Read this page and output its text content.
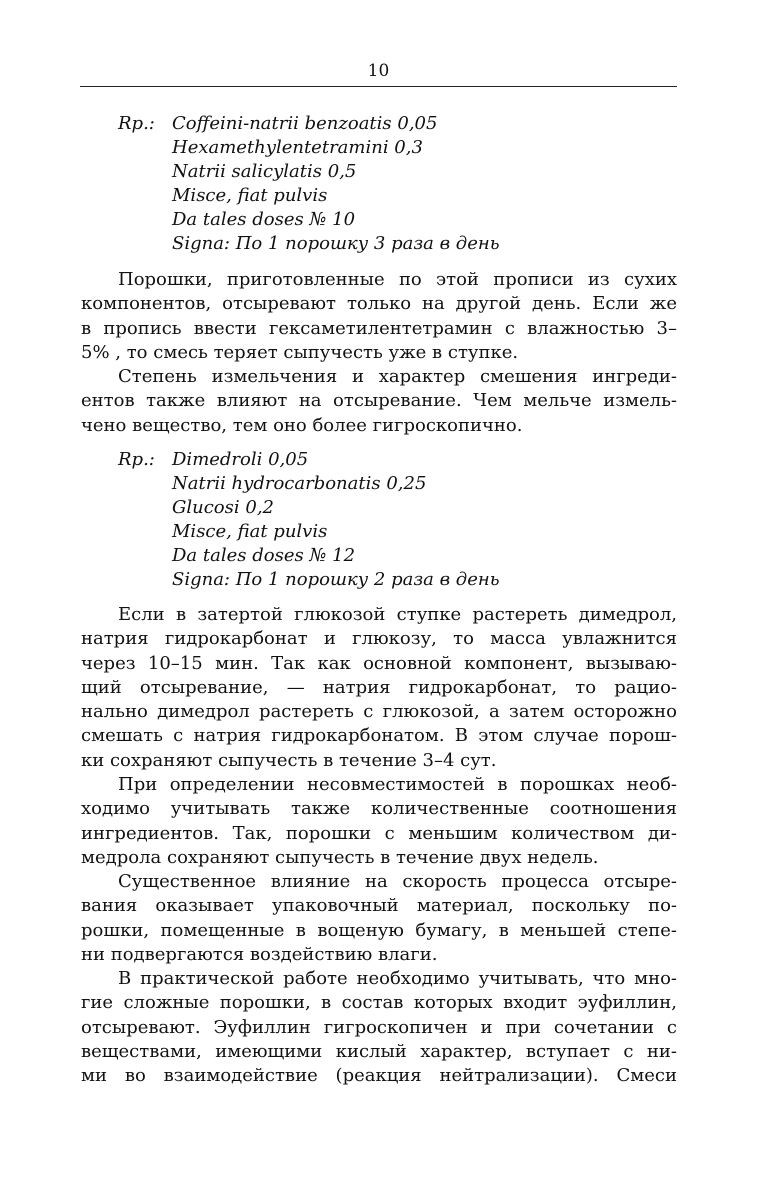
10
Rp.: Coffeini-natrii benzoatis 0,05
Hexamethylentetramini 0,3
Natrii salicylatis 0,5
Misce, fiat pulvis
Da tales doses № 10
Signa: По 1 порошку 3 раза в день
Порошки, приготовленные по этой прописи из сухих
компонентов, отсыревают только на другой день. Если же
в пропись ввести гексаметилентетрамин с влажностью 3–
5% , то смесь теряет сыпучесть уже в ступке.
Степень измельчения и характер смешения ингреди-
ентов также влияют на отсыревание. Чем мельче измель-
чено вещество, тем оно более гигроскопично.
Rp.: Dimedroli 0,05
Natrii hydrocarbonatis 0,25
Glucosi 0,2
Misce, fiat pulvis
Da tales doses № 12
Signa: По 1 порошку 2 раза в день
Если в затертой глюкозой ступке растереть димедрол,
натрия гидрокарбонат и глюкозу, то масса увлажнится
через 10–15 мин. Так как основной компонент, вызываю-
щий отсыревание, — натрия гидрокарбонат, то рацио-
нально димедрол растереть с глюкозой, а затем осторожно
смешать с натрия гидрокарбонатом. В этом случае порош-
ки сохраняют сыпучесть в течение 3–4 сут.
При определении несовместимостей в порошках необ-
ходимо учитывать также количественные соотношения
ингредиентов. Так, порошки с меньшим количеством ди-
медрола сохраняют сыпучесть в течение двух недель.
Существенное влияние на скорость процесса отсыре-
вания оказывает упаковочный материал, поскольку по-
рошки, помещенные в вощеную бумагу, в меньшей степе-
ни подвергаются воздействию влаги.
В практической работе необходимо учитывать, что мно-
гие сложные порошки, в состав которых входит эуфиллин,
отсыревают. Эуфиллин гигроскопичен и при сочетании с
веществами, имеющими кислый характер, вступает с ни-
ми во взаимодействие (реакция нейтрализации). Смеси
